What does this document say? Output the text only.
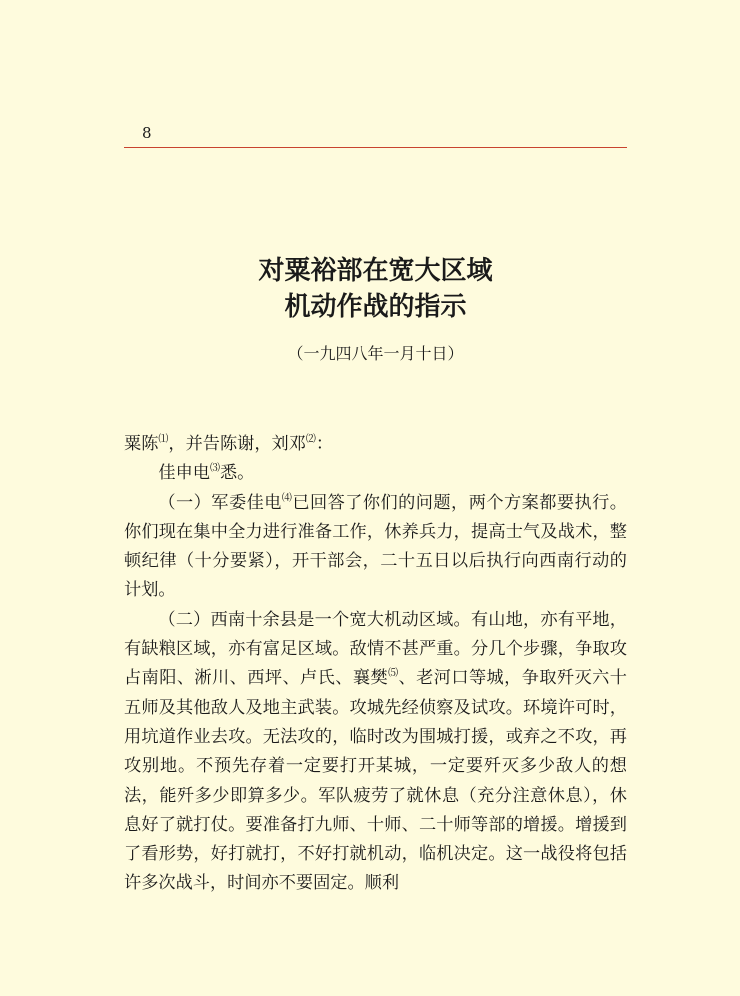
8
对粟裕部在宽大区域
机动作战的指示
（一九四八年一月十日）

粟陈⑴，并告陈谢，刘邓⑵：

佳申电⑶悉。

（一）军委佳电⑷已回答了你们的问题，两个方案都要执行。你们现在集中全力进行准备工作，休养兵力，提高士气及战术，整顿纪律（十分要紧），开干部会，二十五日以后执行向西南行动的计划。

（二）西南十余县是一个宽大机动区域。有山地，亦有平地，有缺粮区域，亦有富足区域。敌情不甚严重。分几个步骤，争取攻占南阳、淅川、西坪、卢氏、襄樊⑸、老河口等城，争取歼灭六十五师及其他敌人及地主武装。攻城先经侦察及试攻。环境许可时，用坑道作业去攻。无法攻的，临时改为围城打援，或弃之不攻，再攻别地。不预先存着一定要打开某城，一定要歼灭多少敌人的想法，能歼多少即算多少。军队疲劳了就休息（充分注意休息），休息好了就打仗。要准备打九师、十师、二十师等部的增援。增援到了看形势，好打就打，不好打就机动，临机决定。这一战役将包括许多次战斗，时间亦不要固定。顺利
